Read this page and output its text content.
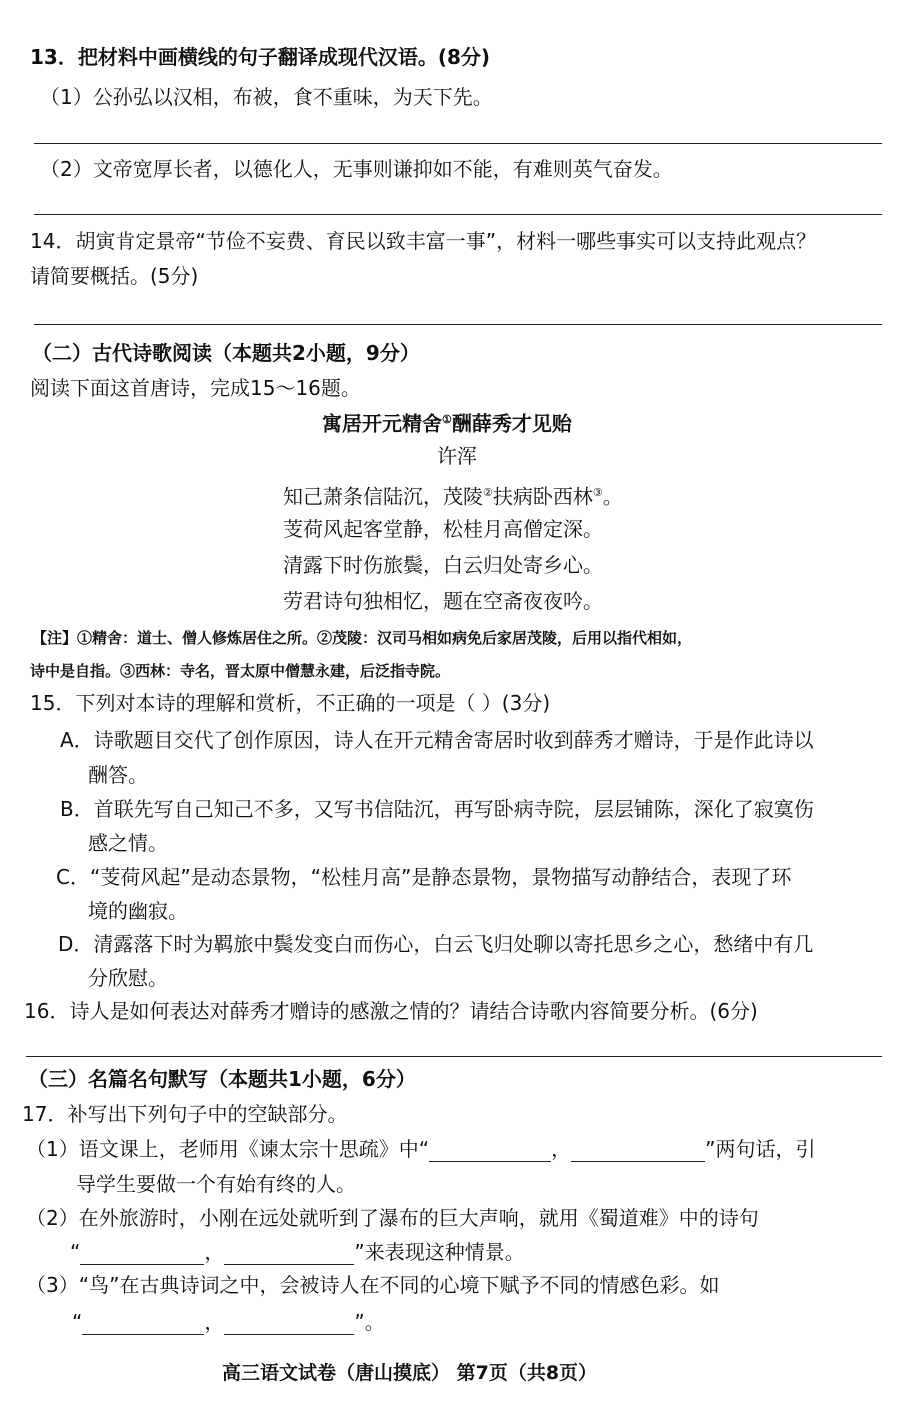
13．把材料中画横线的句子翻译成现代汉语。(8分)
（1）公孙弘以汉相，布被，食不重味，为天下先。
（2）文帝宽厚长者，以德化人，无事则谦抑如不能，有难则英气奋发。
14．胡寅肯定景帝“节俭不妄费、育民以致丰富一事”，材料一哪些事实可以支持此观点？
请简要概括。(5分)
（二）古代诗歌阅读（本题共2小题，9分）
阅读下面这首唐诗，完成15～16题。
寓居开元精舍①酬薛秀才见贻
许浑
知己萧条信陆沉，茂陵②扶病卧西林③。
芰荷风起客堂静，松桂月高僧定深。
清露下时伤旅鬓，白云归处寄乡心。
劳君诗句独相忆，题在空斋夜夜吟。
【注】①精舍：道士、僧人修炼居住之所。②茂陵：汉司马相如病免后家居茂陵，后用以指代相如，
诗中是自指。③西林：寺名，晋太原中僧慧永建，后泛指寺院。
15．下列对本诗的理解和赏析，不正确的一项是（ ）(3分)
A．诗歌题目交代了创作原因，诗人在开元精舍寄居时收到薛秀才赠诗，于是作此诗以
酬答。
B．首联先写自己知己不多，又写书信陆沉，再写卧病寺院，层层铺陈，深化了寂寞伤
感之情。
C．“芰荷风起”是动态景物，“松桂月高”是静态景物，景物描写动静结合，表现了环
境的幽寂。
D．清露落下时为羁旅中鬓发变白而伤心，白云飞归处聊以寄托思乡之心，愁绪中有几
分欣慰。
16．诗人是如何表达对薛秀才赠诗的感激之情的？请结合诗歌内容简要分析。(6分)
（三）名篇名句默写（本题共1小题，6分）
17．补写出下列句子中的空缺部分。
（1）语文课上，老师用《谏太宗十思疏》中“	，	”两句话，引
导学生要做一个有始有终的人。
（2）在外旅游时，小刚在远处就听到了瀑布的巨大声响，就用《蜀道难》中的诗句
“	，	”来表现这种情景。
（3）“鸟”在古典诗词之中，会被诗人在不同的心境下赋予不同的情感色彩。如
“	，	”。
高三语文试卷（唐山摸底） 第7页（共8页）
